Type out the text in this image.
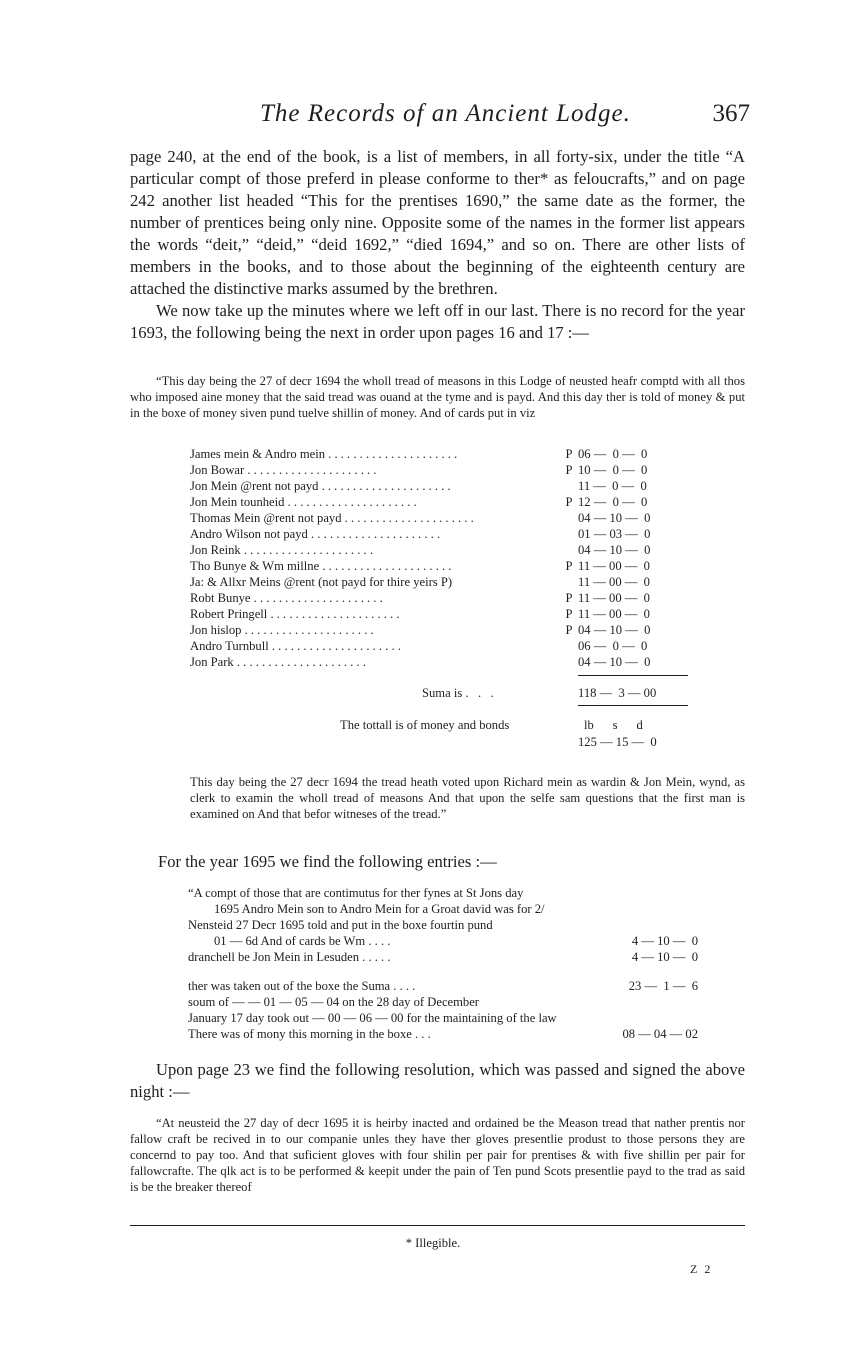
The Records of an Ancient Lodge.	367

page 240, at the end of the book, is a list of members, in all forty-six, under the title “A particular compt of those preferd in please conforme to ther* as feloucrafts,” and on page 242 another list headed “This for the prentises 1690,” the same date as the former, the number of prentices being only nine. Opposite some of the names in the former list appears the words “deit,” “deid,” “deid 1692,” “died 1694,” and so on. There are other lists of members in the books, and to those about the beginning of the eighteenth century are attached the distinctive marks assumed by the brethren.

We now take up the minutes where we left off in our last. There is no record for the year 1693, the following being the next in order upon pages 16 and 17 :—

“This day being the 27 of decr 1694 the wholl tread of measons in this Lodge of neusted heafr comptd with all thos who imposed aine money that the said tread was ouand at the tyme and is payd. And this day ther is told of money & put in the boxe of money siven pund tuelve shillin of money. And of cards put in viz

James mein & Andro mein . .	P 06 —  0 —  0
Jon Bowar . .	P 10 —  0 —  0
Jon Mein @rent not payd . .	11 —  0 —  0
Jon Mein tounheid . .	P 12 —  0 —  0
Thomas Mein @rent not payd . .	04 — 10 —  0
Andro Wilson not payd . .	01 — 03 —  0
Jon Reink . .	04 — 10 —  0
Tho Bunye & Wm millne . .	P 11 — 00 —  0
Ja: & Allxr Meins @rent (not payd for thire yeirs P)	11 — 00 —  0
Robt Bunye . .	P 11 — 00 —  0
Robert Pringell . .	P 11 — 00 —  0
Jon hislop . .	P 04 — 10 —  0
Andro Turnbull . .	06 —  0 —  0
Jon Park . .	04 — 10 —  0
Suma is .   .   .	118 —  3 — 00
The tottall is of money and bonds	lb      s      d
125 — 15 —  0

This day being the 27 decr 1694 the tread heath voted upon Richard mein as wardin & Jon Mein, wynd, as clerk to examin the wholl tread of measons And that upon the selfe sam questions that the first man is examined on And that befor witneses of the tread.”

For the year 1695 we find the following entries :—

“A compt of those that are contimutus for ther fynes at St Jons day
1695 Andro Mein son to Andro Mein for a Groat david was for 2/
Nensteid 27 Decr 1695 told and put in the boxe fourtin pund
01 — 6d And of cards be Wm . . . .	4 — 10 —  0
dranchell be Jon Mein in Lesuden . . . . .	4 — 10 —  0
ther was taken out of the boxe the Suma . . . .	23 —  1 —  6
soum of — — 01 — 05 — 04 on the 28 day of December
January 17 day took out — 00 — 06 — 00 for the maintaining of the law
There was of mony this morning in the boxe . . .	08 — 04 — 02

Upon page 23 we find the following resolution, which was passed and signed the above night :—

“At neusteid the 27 day of decr 1695 it is heirby inacted and ordained be the Meason tread that nather prentis nor fallow craft be recived in to our companie unles they have ther gloves presentlie produst to those persons they are concernd to pay too. And that suficient gloves with four shilin per pair for prentises & with five shillin per pair for fallowcrafte. The qlk act is to be performed & keepit under the pain of Ten pund Scots presentlie payd to the trad as said is be the breaker thereof

* Illegible.
Z 2
